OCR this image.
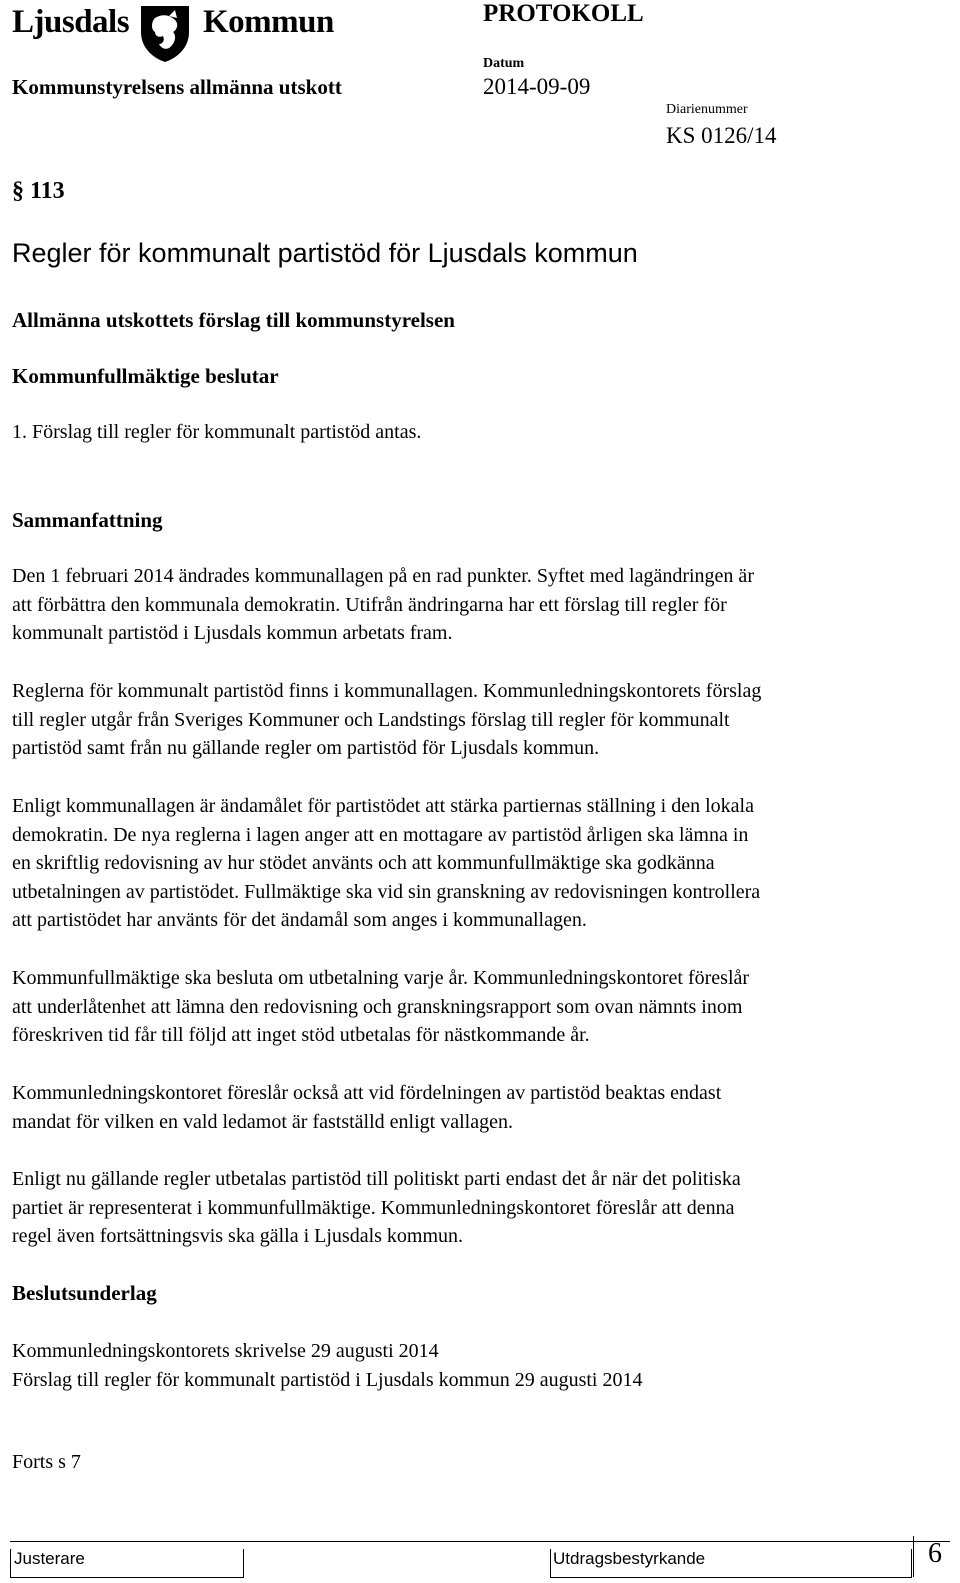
Ljusdals Kommun	PROTOKOLL
Kommunstyrelsens allmänna utskott
Datum
2014-09-09
Diarienummer
KS 0126/14
§ 113
Regler för kommunalt partistöd för Ljusdals kommun
Allmänna utskottets förslag till kommunstyrelsen
Kommunfullmäktige beslutar
1. Förslag till regler för kommunalt partistöd antas.
Sammanfattning
Den 1 februari 2014 ändrades kommunallagen på en rad punkter. Syftet med lagändringen är
att förbättra den kommunala demokratin. Utifrån ändringarna har ett förslag till regler för
kommunalt partistöd i Ljusdals kommun arbetats fram.
Reglerna för kommunalt partistöd finns i kommunallagen. Kommunledningskontorets förslag
till regler utgår från Sveriges Kommuner och Landstings förslag till regler för kommunalt
partistöd samt från nu gällande regler om partistöd för Ljusdals kommun.
Enligt kommunallagen är ändamålet för partistödet att stärka partiernas ställning i den lokala
demokratin. De nya reglerna i lagen anger att en mottagare av partistöd årligen ska lämna in
en skriftlig redovisning av hur stödet använts och att kommunfullmäktige ska godkänna
utbetalningen av partistödet. Fullmäktige ska vid sin granskning av redovisningen kontrollera
att partistödet har använts för det ändamål som anges i kommunallagen.
Kommunfullmäktige ska besluta om utbetalning varje år. Kommunledningskontoret föreslår
att underlåtenhet att lämna den redovisning och granskningsrapport som ovan nämnts inom
föreskriven tid får till följd att inget stöd utbetalas för nästkommande år.
Kommunledningskontoret föreslår också att vid fördelningen av partistöd beaktas endast
mandat för vilken en vald ledamot är fastställd enligt vallagen.
Enligt nu gällande regler utbetalas partistöd till politiskt parti endast det år när det politiska
partiet är representerat i kommunfullmäktige. Kommunledningskontoret föreslår att denna
regel även fortsättningsvis ska gälla i Ljusdals kommun.
Beslutsunderlag
Kommunledningskontorets skrivelse 29 augusti 2014
Förslag till regler för kommunalt partistöd i Ljusdals kommun 29 augusti 2014
Forts s 7
Justerare	Utdragsbestyrkande	6
